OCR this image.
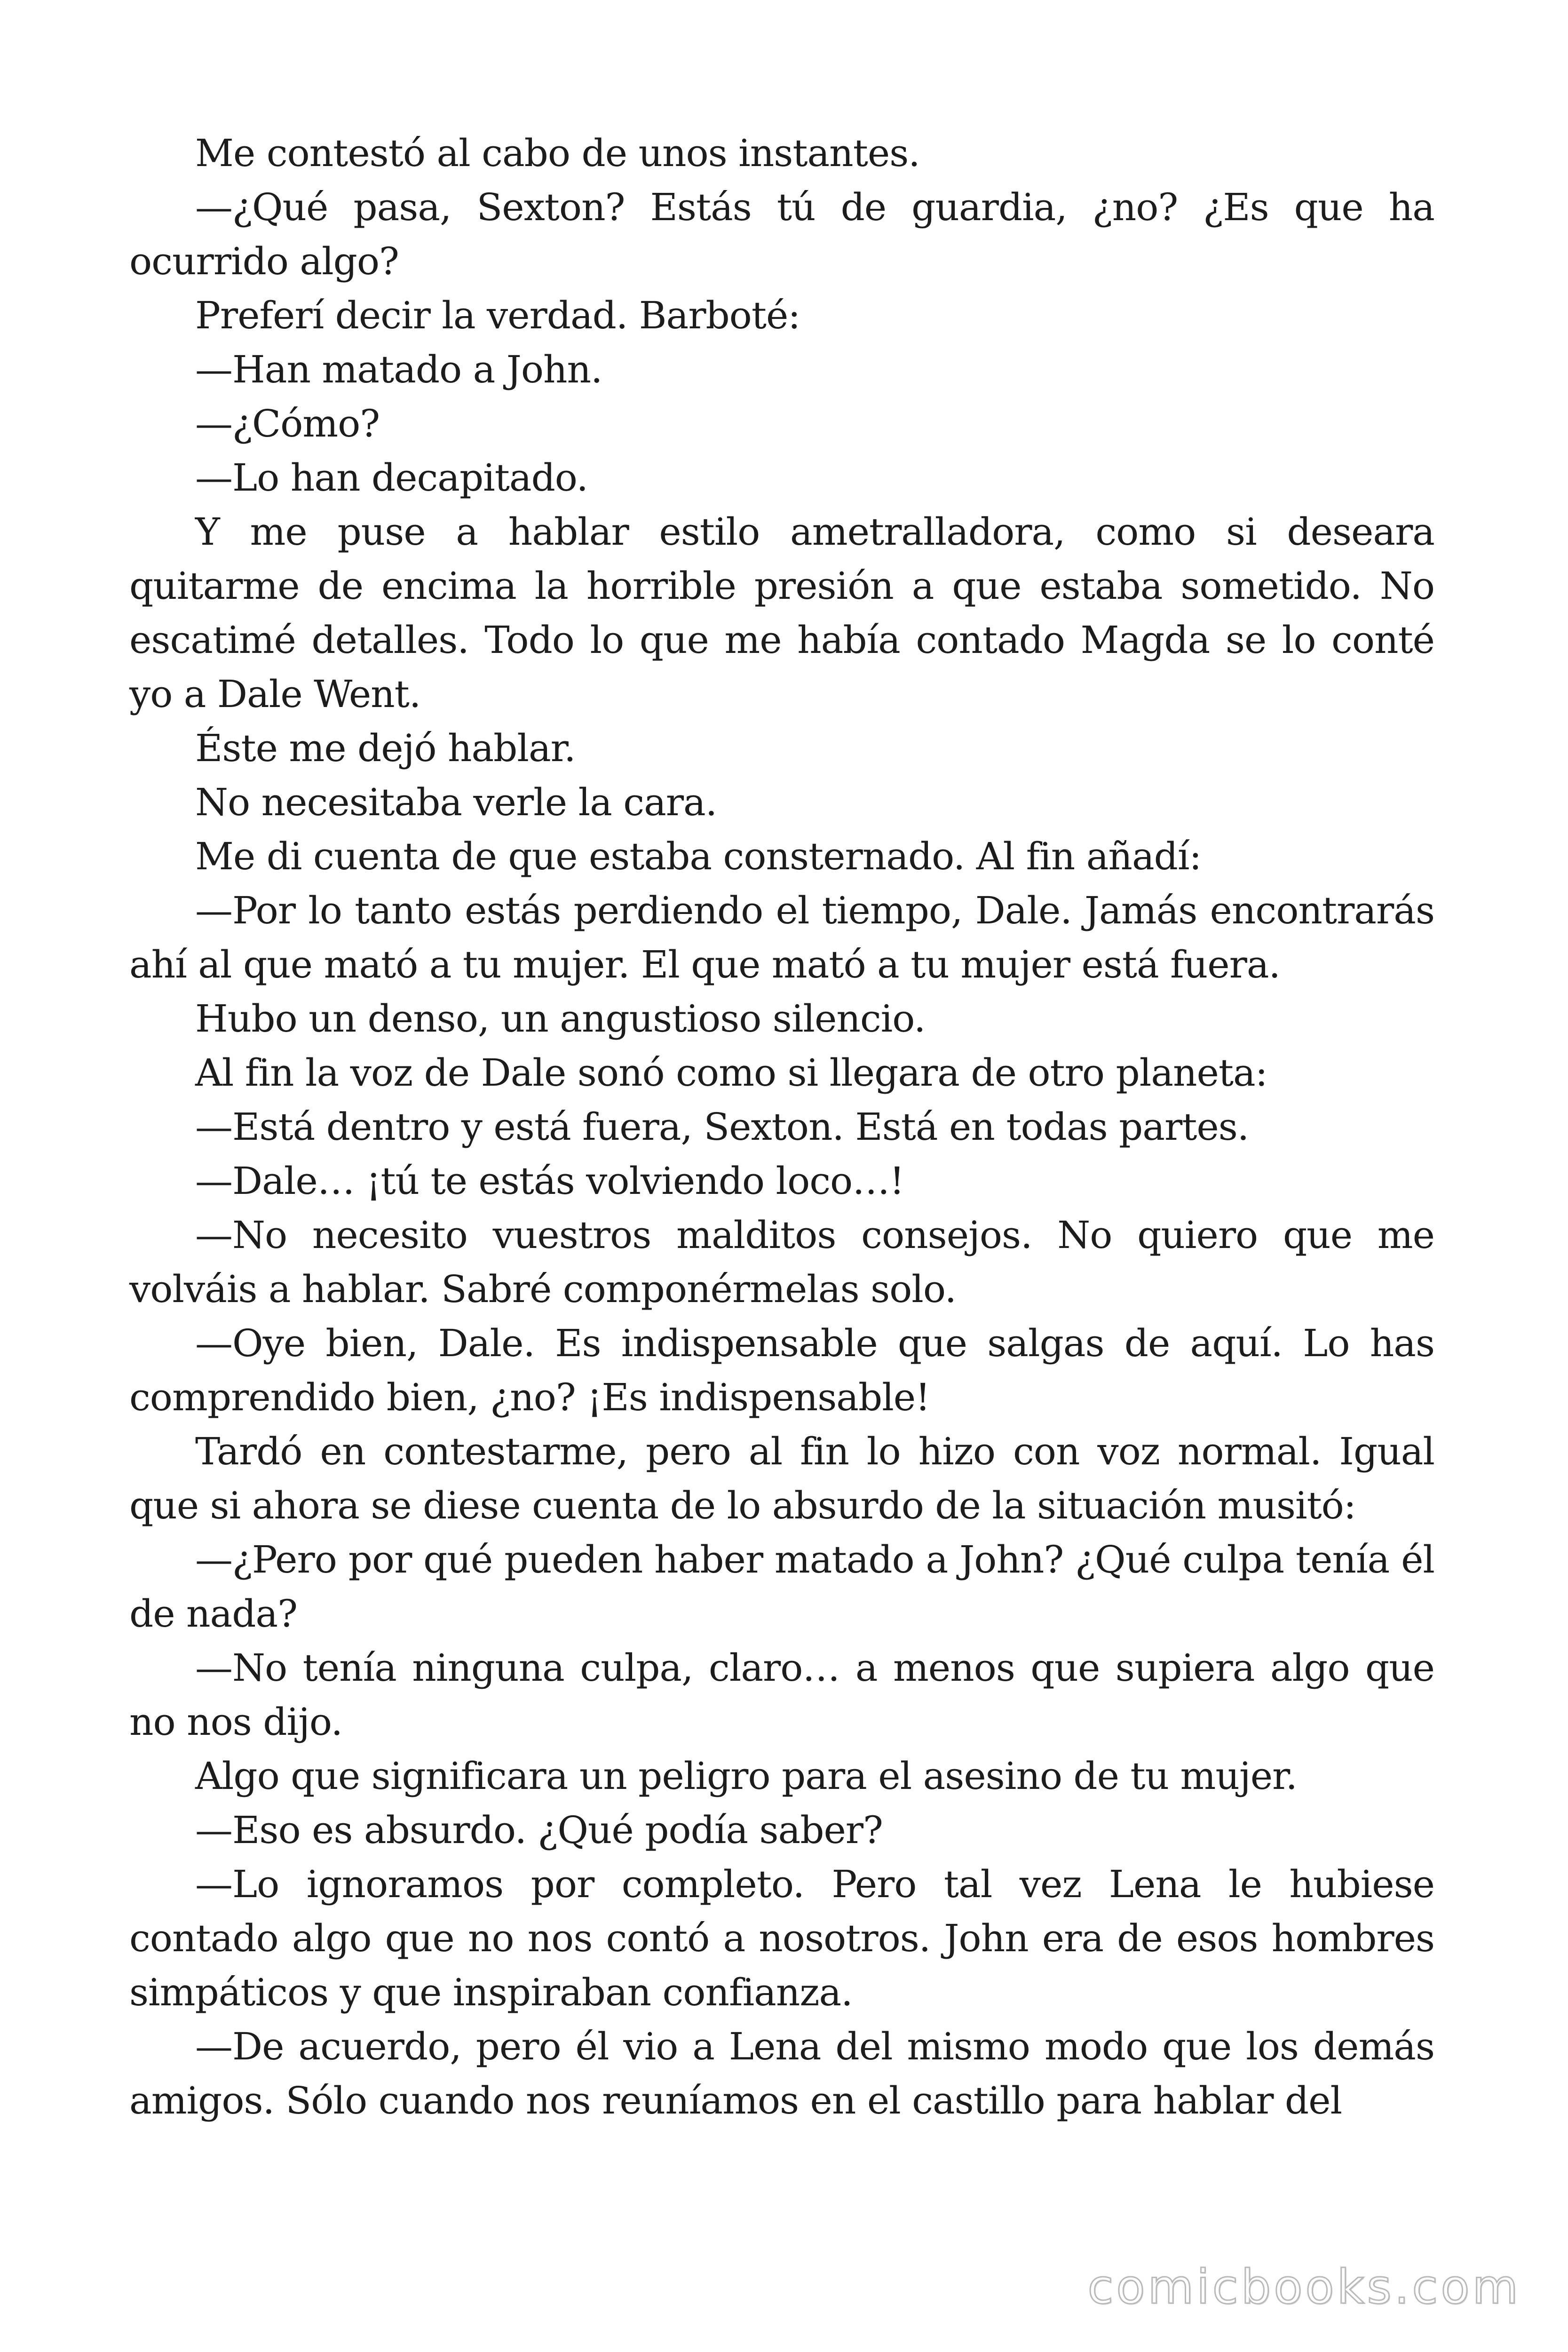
Me contestó al cabo de unos instantes.

—¿Qué pasa, Sexton? Estás tú de guardia, ¿no? ¿Es que ha ocurrido algo?

Preferí decir la verdad. Barboté:

—Han matado a John.

—¿Cómo?

—Lo han decapitado.

Y me puse a hablar estilo ametralladora, como si deseara quitarme de encima la horrible presión a que estaba sometido. No escatimé detalles. Todo lo que me había contado Magda se lo conté yo a Dale Went.

Éste me dejó hablar.

No necesitaba verle la cara.

Me di cuenta de que estaba consternado. Al fin añadí:

—Por lo tanto estás perdiendo el tiempo, Dale. Jamás encontrarás ahí al que mató a tu mujer. El que mató a tu mujer está fuera.

Hubo un denso, un angustioso silencio.

Al fin la voz de Dale sonó como si llegara de otro planeta:

—Está dentro y está fuera, Sexton. Está en todas partes.

—Dale… ¡tú te estás volviendo loco…!

—No necesito vuestros malditos consejos. No quiero que me volváis a hablar. Sabré componérmelas solo.

—Oye bien, Dale. Es indispensable que salgas de aquí. Lo has comprendido bien, ¿no? ¡Es indispensable!

Tardó en contestarme, pero al fin lo hizo con voz normal. Igual que si ahora se diese cuenta de lo absurdo de la situación musitó:

—¿Pero por qué pueden haber matado a John? ¿Qué culpa tenía él de nada?

—No tenía ninguna culpa, claro… a menos que supiera algo que no nos dijo.

Algo que significara un peligro para el asesino de tu mujer.

—Eso es absurdo. ¿Qué podía saber?

—Lo ignoramos por completo. Pero tal vez Lena le hubiese contado algo que no nos contó a nosotros. John era de esos hombres simpáticos y que inspiraban confianza.

—De acuerdo, pero él vio a Lena del mismo modo que los demás amigos. Sólo cuando nos reuníamos en el castillo para hablar del

comicbooks.com
